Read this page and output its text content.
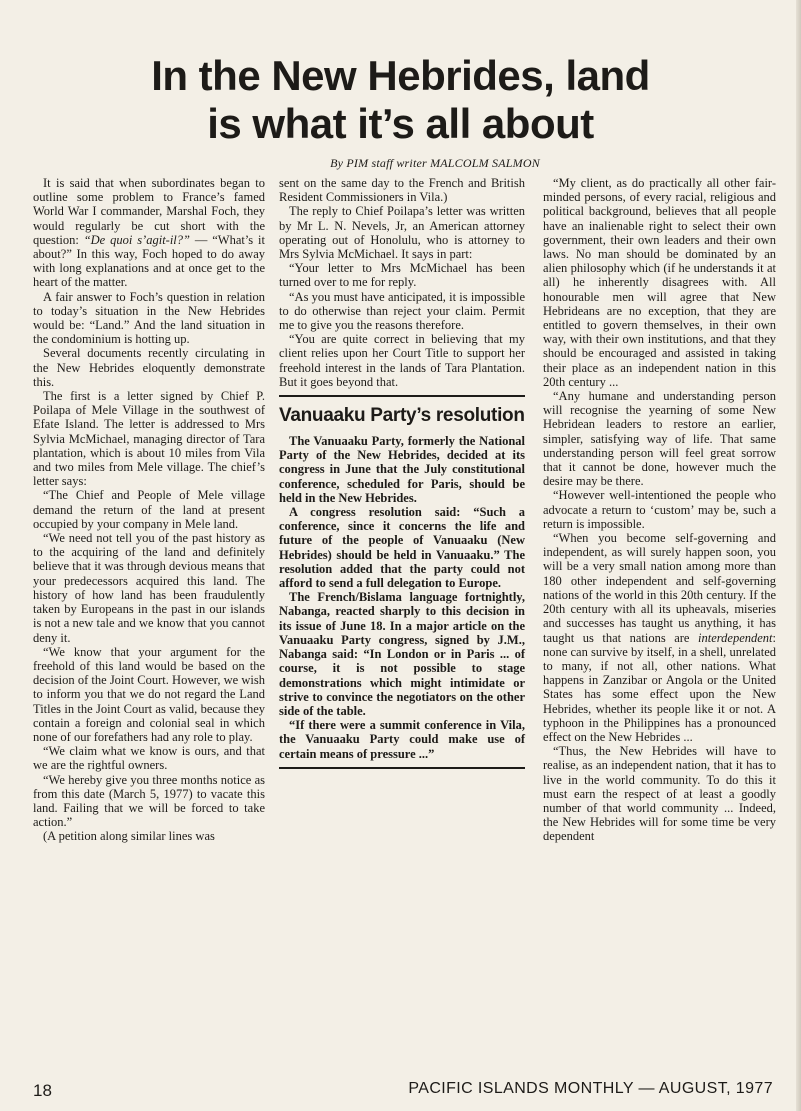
In the New Hebrides, land
is what it’s all about
By PIM staff writer MALCOLM SALMON

It is said that when subordinates began to outline some problem to France’s famed World War I commander, Marshal Foch, they would regularly be cut short with the question: “De quoi s’agit-il?” — “What’s it about?” In this way, Foch hoped to do away with long explanations and at once get to the heart of the matter.

A fair answer to Foch’s question in relation to today’s situation in the New Hebrides would be: “Land.” And the land situation in the condominium is hotting up.

Several documents recently circulating in the New Hebrides eloquently demonstrate this.

The first is a letter signed by Chief P. Poilapa of Mele Village in the southwest of Efate Island. The letter is addressed to Mrs Sylvia McMichael, managing director of Tara plantation, which is about 10 miles from Vila and two miles from Mele village. The chief’s letter says:

“The Chief and People of Mele village demand the return of the land at present occupied by your company in Mele land.

“We need not tell you of the past history as to the acquiring of the land and definitely believe that it was through devious means that your predecessors acquired this land. The history of how land has been fraudulently taken by Europeans in the past in our islands is not a new tale and we know that you cannot deny it.

“We know that your argument for the freehold of this land would be based on the decision of the Joint Court. However, we wish to inform you that we do not regard the Land Titles in the Joint Court as valid, because they contain a foreign and colonial seal in which none of our forefathers had any role to play.

“We claim what we know is ours, and that we are the rightful owners.

“We hereby give you three months notice as from this date (March 5, 1977) to vacate this land. Failing that we will be forced to take action.”

(A petition along similar lines was

sent on the same day to the French and British Resident Commissioners in Vila.)

The reply to Chief Poilapa’s letter was written by Mr L. N. Nevels, Jr, an American attorney operating out of Honolulu, who is attorney to Mrs Sylvia McMichael. It says in part:

“Your letter to Mrs McMichael has been turned over to me for reply.

“As you must have anticipated, it is impossible to do otherwise than reject your claim. Permit me to give you the reasons therefore.

“You are quite correct in believing that my client relies upon her Court Title to support her freehold interest in the lands of Tara Plantation. But it goes beyond that.

Vanuaaku Party’s resolution

The Vanuaaku Party, formerly the National Party of the New Hebrides, decided at its congress in June that the July constitutional conference, scheduled for Paris, should be held in the New Hebrides.

A congress resolution said: “Such a conference, since it concerns the life and future of the people of Vanuaaku (New Hebrides) should be held in Vanuaaku.” The resolution added that the party could not afford to send a full delegation to Europe.

The French/Bislama language fortnightly, Nabanga, reacted sharply to this decision in its issue of June 18. In a major article on the Vanuaaku Party congress, signed by J.M., Nabanga said: “In London or in Paris ... of course, it is not possible to stage demonstrations which might intimidate or strive to convince the negotiators on the other side of the table.

“If there were a summit conference in Vila, the Vanuaaku Party could make use of certain means of pressure ...”

“My client, as do practically all other fair-minded persons, of every racial, religious and political background, believes that all people have an inalienable right to select their own government, their own leaders and their own laws. No man should be dominated by an alien philosophy which (if he understands it at all) he inherently disagrees with. All honourable men will agree that New Hebrideans are no exception, that they are entitled to govern themselves, in their own way, with their own institutions, and that they should be encouraged and assisted in taking their place as an independent nation in this 20th century ...

“Any humane and understanding person will recognise the yearning of some New Hebridean leaders to restore an earlier, simpler, satisfying way of life. That same understanding person will feel great sorrow that it cannot be done, however much the desire may be there.

“However well-intentioned the people who advocate a return to ‘custom’ may be, such a return is impossible.

“When you become self-governing and independent, as will surely happen soon, you will be a very small nation among more than 180 other independent and self-governing nations of the world in this 20th century. If the 20th century with all its upheavals, miseries and successes has taught us anything, it has taught us that nations are interdependent: none can survive by itself, in a shell, unrelated to many, if not all, other nations. What happens in Zanzibar or Angola or the United States has some effect upon the New Hebrides, whether its people like it or not. A typhoon in the Philippines has a pronounced effect on the New Hebrides ...

“Thus, the New Hebrides will have to realise, as an independent nation, that it has to live in the world community. To do this it must earn the respect of at least a goodly number of that world community ... Indeed, the New Hebrides will for some time be very dependent

18	PACIFIC ISLANDS MONTHLY — AUGUST, 1977
